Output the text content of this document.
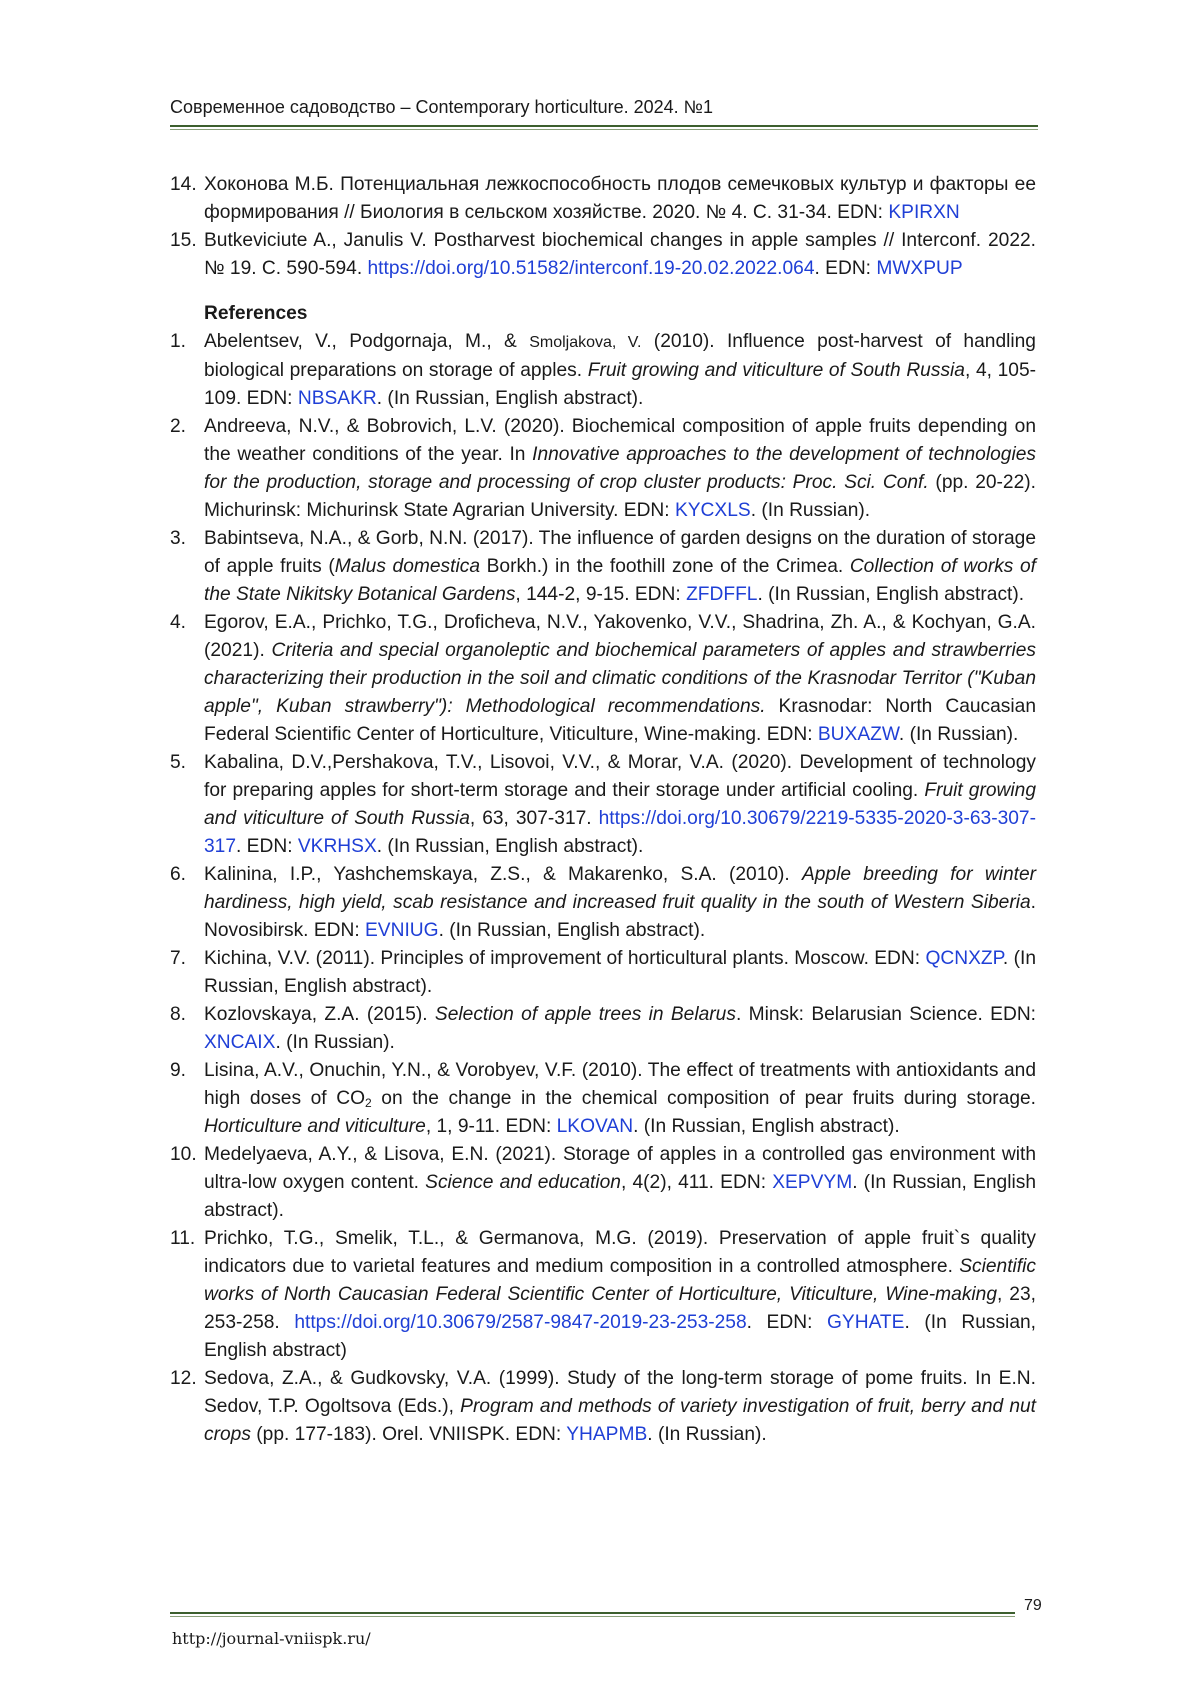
Современное садоводство – Contemporary horticulture. 2024. №1
14. Хоконова М.Б. Потенциальная лежкоспособность плодов семечковых культур и факторы ее формирования // Биология в сельском хозяйстве. 2020. № 4. С. 31-34. EDN: KPIRXN
15. Butkeviciute A., Janulis V. Postharvest biochemical changes in apple samples // Interconf. 2022. № 19. С. 590-594. https://doi.org/10.51582/interconf.19-20.02.2022.064. EDN: MWXPUP
References
1. Abelentsev, V., Podgornaja, M., & Smoljakova, V. (2010). Influence post-harvest of handling biological preparations on storage of apples. Fruit growing and viticulture of South Russia, 4, 105-109. EDN: NBSAKR. (In Russian, English abstract).
2. Andreeva, N.V., & Bobrovich, L.V. (2020). Biochemical composition of apple fruits depending on the weather conditions of the year. In Innovative approaches to the development of technologies for the production, storage and processing of crop cluster products: Proc. Sci. Conf. (pp. 20-22). Michurinsk: Michurinsk State Agrarian University. EDN: KYCXLS. (In Russian).
3. Babintseva, N.A., & Gorb, N.N. (2017). The influence of garden designs on the duration of storage of apple fruits (Malus domestica Borkh.) in the foothill zone of the Crimea. Collection of works of the State Nikitsky Botanical Gardens, 144-2, 9-15. EDN: ZFDFFL. (In Russian, English abstract).
4. Egorov, E.A., Prichko, T.G., Droficheva, N.V., Yakovenko, V.V., Shadrina, Zh. A., & Kochyan, G.A. (2021). Criteria and special organoleptic and biochemical parameters of apples and strawberries characterizing their production in the soil and climatic conditions of the Krasnodar Territor ("Kuban apple", Kuban strawberry"): Methodological recommendations. Krasnodar: North Caucasian Federal Scientific Center of Horticulture, Viticulture, Wine-making. EDN: BUXAZW. (In Russian).
5. Kabalina, D.V.,Pershakova, T.V., Lisovoi, V.V., & Morar, V.A. (2020). Development of technology for preparing apples for short-term storage and their storage under artificial cooling. Fruit growing and viticulture of South Russia, 63, 307-317. https://doi.org/10.30679/2219-5335-2020-3-63-307-317. EDN: VKRHSX. (In Russian, English abstract).
6. Kalinina, I.P., Yashchemskaya, Z.S., & Makarenko, S.A. (2010). Apple breeding for winter hardiness, high yield, scab resistance and increased fruit quality in the south of Western Siberia. Novosibirsk. EDN: EVNIUG. (In Russian, English abstract).
7. Kichina, V.V. (2011). Principles of improvement of horticultural plants. Moscow. EDN: QCNXZP. (In Russian, English abstract).
8. Kozlovskaya, Z.A. (2015). Selection of apple trees in Belarus. Minsk: Belarusian Science. EDN: XNCAIX. (In Russian).
9. Lisina, A.V., Onuchin, Y.N., & Vorobyev, V.F. (2010). The effect of treatments with antioxidants and high doses of $CO_2$ on the change in the chemical composition of pear fruits during storage. Horticulture and viticulture, 1, 9-11. EDN: LKOVAN. (In Russian, English abstract).
10. Medelyaeva, A.Y., & Lisova, E.N. (2021). Storage of apples in a controlled gas environment with ultra-low oxygen content. Science and education, 4(2), 411. EDN: XEPVYM. (In Russian, English abstract).
11. Prichko, T.G., Smelik, T.L., & Germanova, M.G. (2019). Preservation of apple fruit`s quality indicators due to varietal features and medium composition in a controlled atmosphere. Scientific works of North Caucasian Federal Scientific Center of Horticulture, Viticulture, Wine-making, 23, 253-258. https://doi.org/10.30679/2587-9847-2019-23-253-258. EDN: GYHATE. (In Russian, English abstract)
12. Sedova, Z.A., & Gudkovsky, V.A. (1999). Study of the long-term storage of pome fruits. In E.N. Sedov, T.P. Ogoltsova (Eds.), Program and methods of variety investigation of fruit, berry and nut crops (pp. 177-183). Orel. VNIISPK. EDN: YHAPMB. (In Russian).
79
http://journal-vniispk.ru/
